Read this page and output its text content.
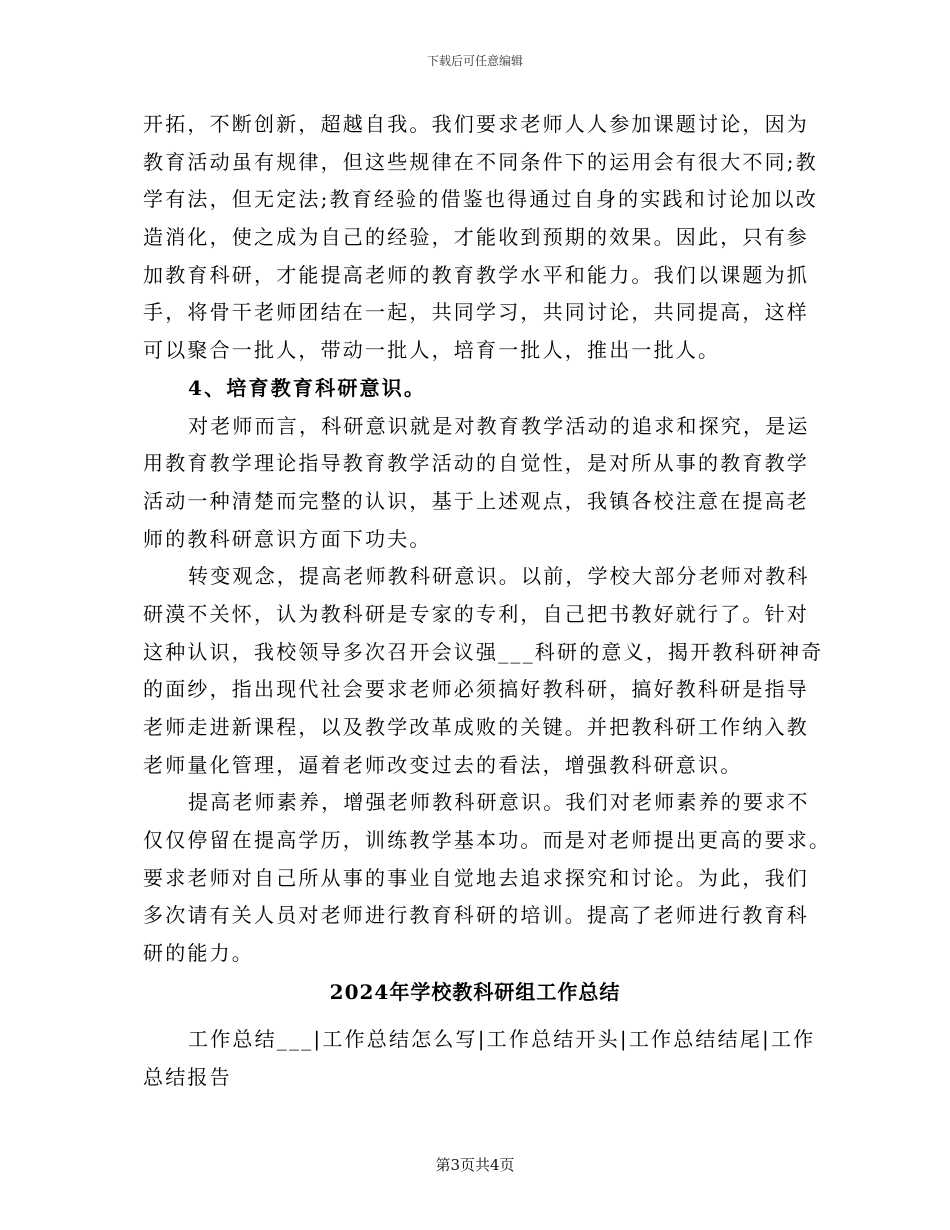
下载后可任意编辑
开拓，不断创新，超越自我。我们要求老师人人参加课题讨论，因为
教育活动虽有规律，但这些规律在不同条件下的运用会有很大不同;教
学有法，但无定法;教育经验的借鉴也得通过自身的实践和讨论加以改
造消化，使之成为自己的经验，才能收到预期的效果。因此，只有参
加教育科研，才能提高老师的教育教学水平和能力。我们以课题为抓
手，将骨干老师团结在一起，共同学习，共同讨论，共同提高，这样
可以聚合一批人，带动一批人，培育一批人，推出一批人。
4、培育教育科研意识。
对老师而言，科研意识就是对教育教学活动的追求和探究，是运
用教育教学理论指导教育教学活动的自觉性，是对所从事的教育教学
活动一种清楚而完整的认识，基于上述观点，我镇各校注意在提高老
师的教科研意识方面下功夫。
转变观念，提高老师教科研意识。以前，学校大部分老师对教科
研漠不关怀，认为教科研是专家的专利，自己把书教好就行了。针对
这种认识，我校领导多次召开会议强___科研的意义，揭开教科研神奇
的面纱，指出现代社会要求老师必须搞好教科研，搞好教科研是指导
老师走进新课程，以及教学改革成败的关键。并把教科研工作纳入教
老师量化管理，逼着老师改变过去的看法，增强教科研意识。
提高老师素养，增强老师教科研意识。我们对老师素养的要求不
仅仅停留在提高学历，训练教学基本功。而是对老师提出更高的要求。
要求老师对自己所从事的事业自觉地去追求探究和讨论。为此，我们
多次请有关人员对老师进行教育科研的培训。提高了老师进行教育科
研的能力。
2024年学校教科研组工作总结
工作总结___|工作总结怎么写|工作总结开头|工作总结结尾|工作
总结报告
第3页共4页
